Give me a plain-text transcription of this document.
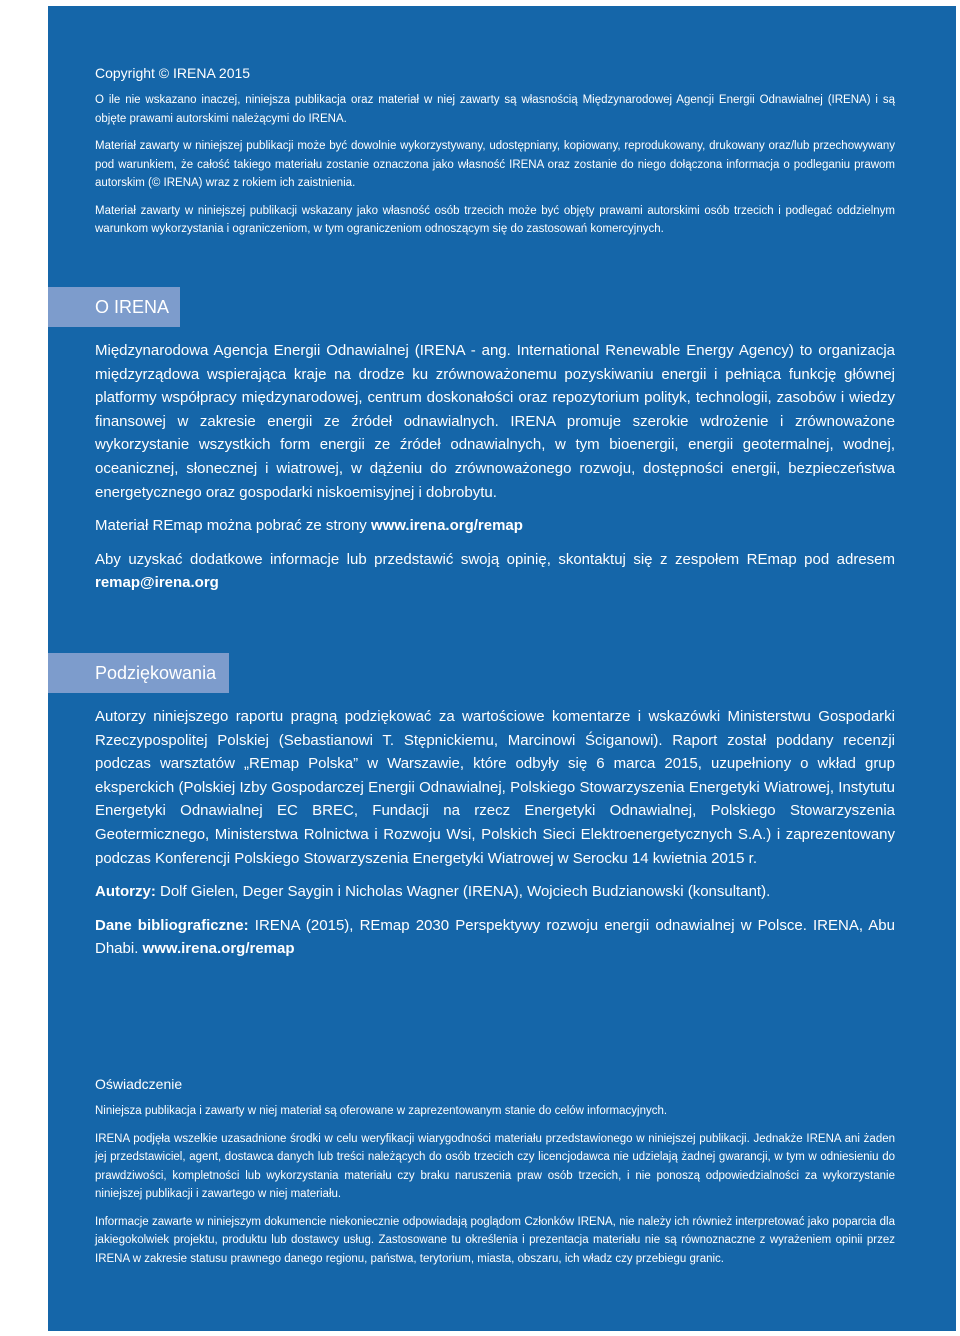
Copyright © IRENA 2015

O ile nie wskazano inaczej, niniejsza publikacja oraz materiał w niej zawarty są własnością Międzynarodowej Agencji Energii Odnawialnej (IRENA) i są objęte prawami autorskimi należącymi do IRENA.

Materiał zawarty w niniejszej publikacji może być dowolnie wykorzystywany, udostępniany, kopiowany, reprodukowany, drukowany oraz/lub przechowywany pod warunkiem, że całość takiego materiału zostanie oznaczona jako własność IRENA oraz zostanie do niego dołączona informacja o podleganiu prawom autorskim (© IRENA) wraz z rokiem ich zaistnienia.

Materiał zawarty w niniejszej publikacji wskazany jako własność osób trzecich może być objęty prawami autorskimi osób trzecich i podlegać oddzielnym warunkom wykorzystania i ograniczeniom, w tym ograniczeniom odnoszącym się do zastosowań komercyjnych.

O IRENA

Międzynarodowa Agencja Energii Odnawialnej (IRENA - ang. International Renewable Energy Agency) to organizacja międzyrządowa wspierająca kraje na drodze ku zrównoważonemu pozyskiwaniu energii i pełniąca funkcję głównej platformy współpracy międzynarodowej, centrum doskonałości oraz repozytorium polityk, technologii, zasobów i wiedzy finansowej w zakresie energii ze źródeł odnawialnych. IRENA promuje szerokie wdrożenie i zrównoważone wykorzystanie wszystkich form energii ze źródeł odnawialnych, w tym bioenergii, energii geotermalnej, wodnej, oceanicznej, słonecznej i wiatrowej, w dążeniu do zrównoważonego rozwoju, dostępności energii, bezpieczeństwa energetycznego oraz gospodarki niskoemisyjnej i dobrobytu.

Materiał REmap można pobrać ze strony www.irena.org/remap

Aby uzyskać dodatkowe informacje lub przedstawić swoją opinię, skontaktuj się z zespołem REmap pod adresem remap@irena.org

Podziękowania

Autorzy niniejszego raportu pragną podziękować za wartościowe komentarze i wskazówki Ministerstwu Gospodarki Rzeczypospolitej Polskiej (Sebastianowi T. Stępnickiemu, Marcinowi Ściganowi). Raport został poddany recenzji podczas warsztatów „REmap Polska” w Warszawie, które odbyły się 6 marca 2015, uzupełniony o wkład grup eksperckich (Polskiej Izby Gospodarczej Energii Odnawialnej, Polskiego Stowarzyszenia Energetyki Wiatrowej, Instytutu Energetyki Odnawialnej EC BREC, Fundacji na rzecz Energetyki Odnawialnej, Polskiego Stowarzyszenia Geotermicznego, Ministerstwa Rolnictwa i Rozwoju Wsi, Polskich Sieci Elektroenergetycznych S.A.) i zaprezentowany podczas Konferencji Polskiego Stowarzyszenia Energetyki Wiatrowej w Serocku 14 kwietnia 2015 r.

Autorzy: Dolf Gielen, Deger Saygin i Nicholas Wagner (IRENA), Wojciech Budzianowski (konsultant).

Dane bibliograficzne: IRENA (2015), REmap 2030 Perspektywy rozwoju energii odnawialnej w Polsce. IRENA, Abu Dhabi. www.irena.org/remap

Oświadczenie

Niniejsza publikacja i zawarty w niej materiał są oferowane w zaprezentowanym stanie do celów informacyjnych.

IRENA podjęła wszelkie uzasadnione środki w celu weryfikacji wiarygodności materiału przedstawionego w niniejszej publikacji. Jednakże IRENA ani żaden jej przedstawiciel, agent, dostawca danych lub treści należących do osób trzecich czy licencjodawca nie udzielają żadnej gwarancji, w tym w odniesieniu do prawdziwości, kompletności lub wykorzystania materiału czy braku naruszenia praw osób trzecich, i nie ponoszą odpowiedzialności za wykorzystanie niniejszej publikacji i zawartego w niej materiału.

Informacje zawarte w niniejszym dokumencie niekoniecznie odpowiadają poglądom Członków IRENA, nie należy ich również interpretować jako poparcia dla jakiegokolwiek projektu, produktu lub dostawcy usług. Zastosowane tu określenia i prezentacja materiału nie są równoznaczne z wyrażeniem opinii przez IRENA w zakresie statusu prawnego danego regionu, państwa, terytorium, miasta, obszaru, ich władz czy przebiegu granic.
